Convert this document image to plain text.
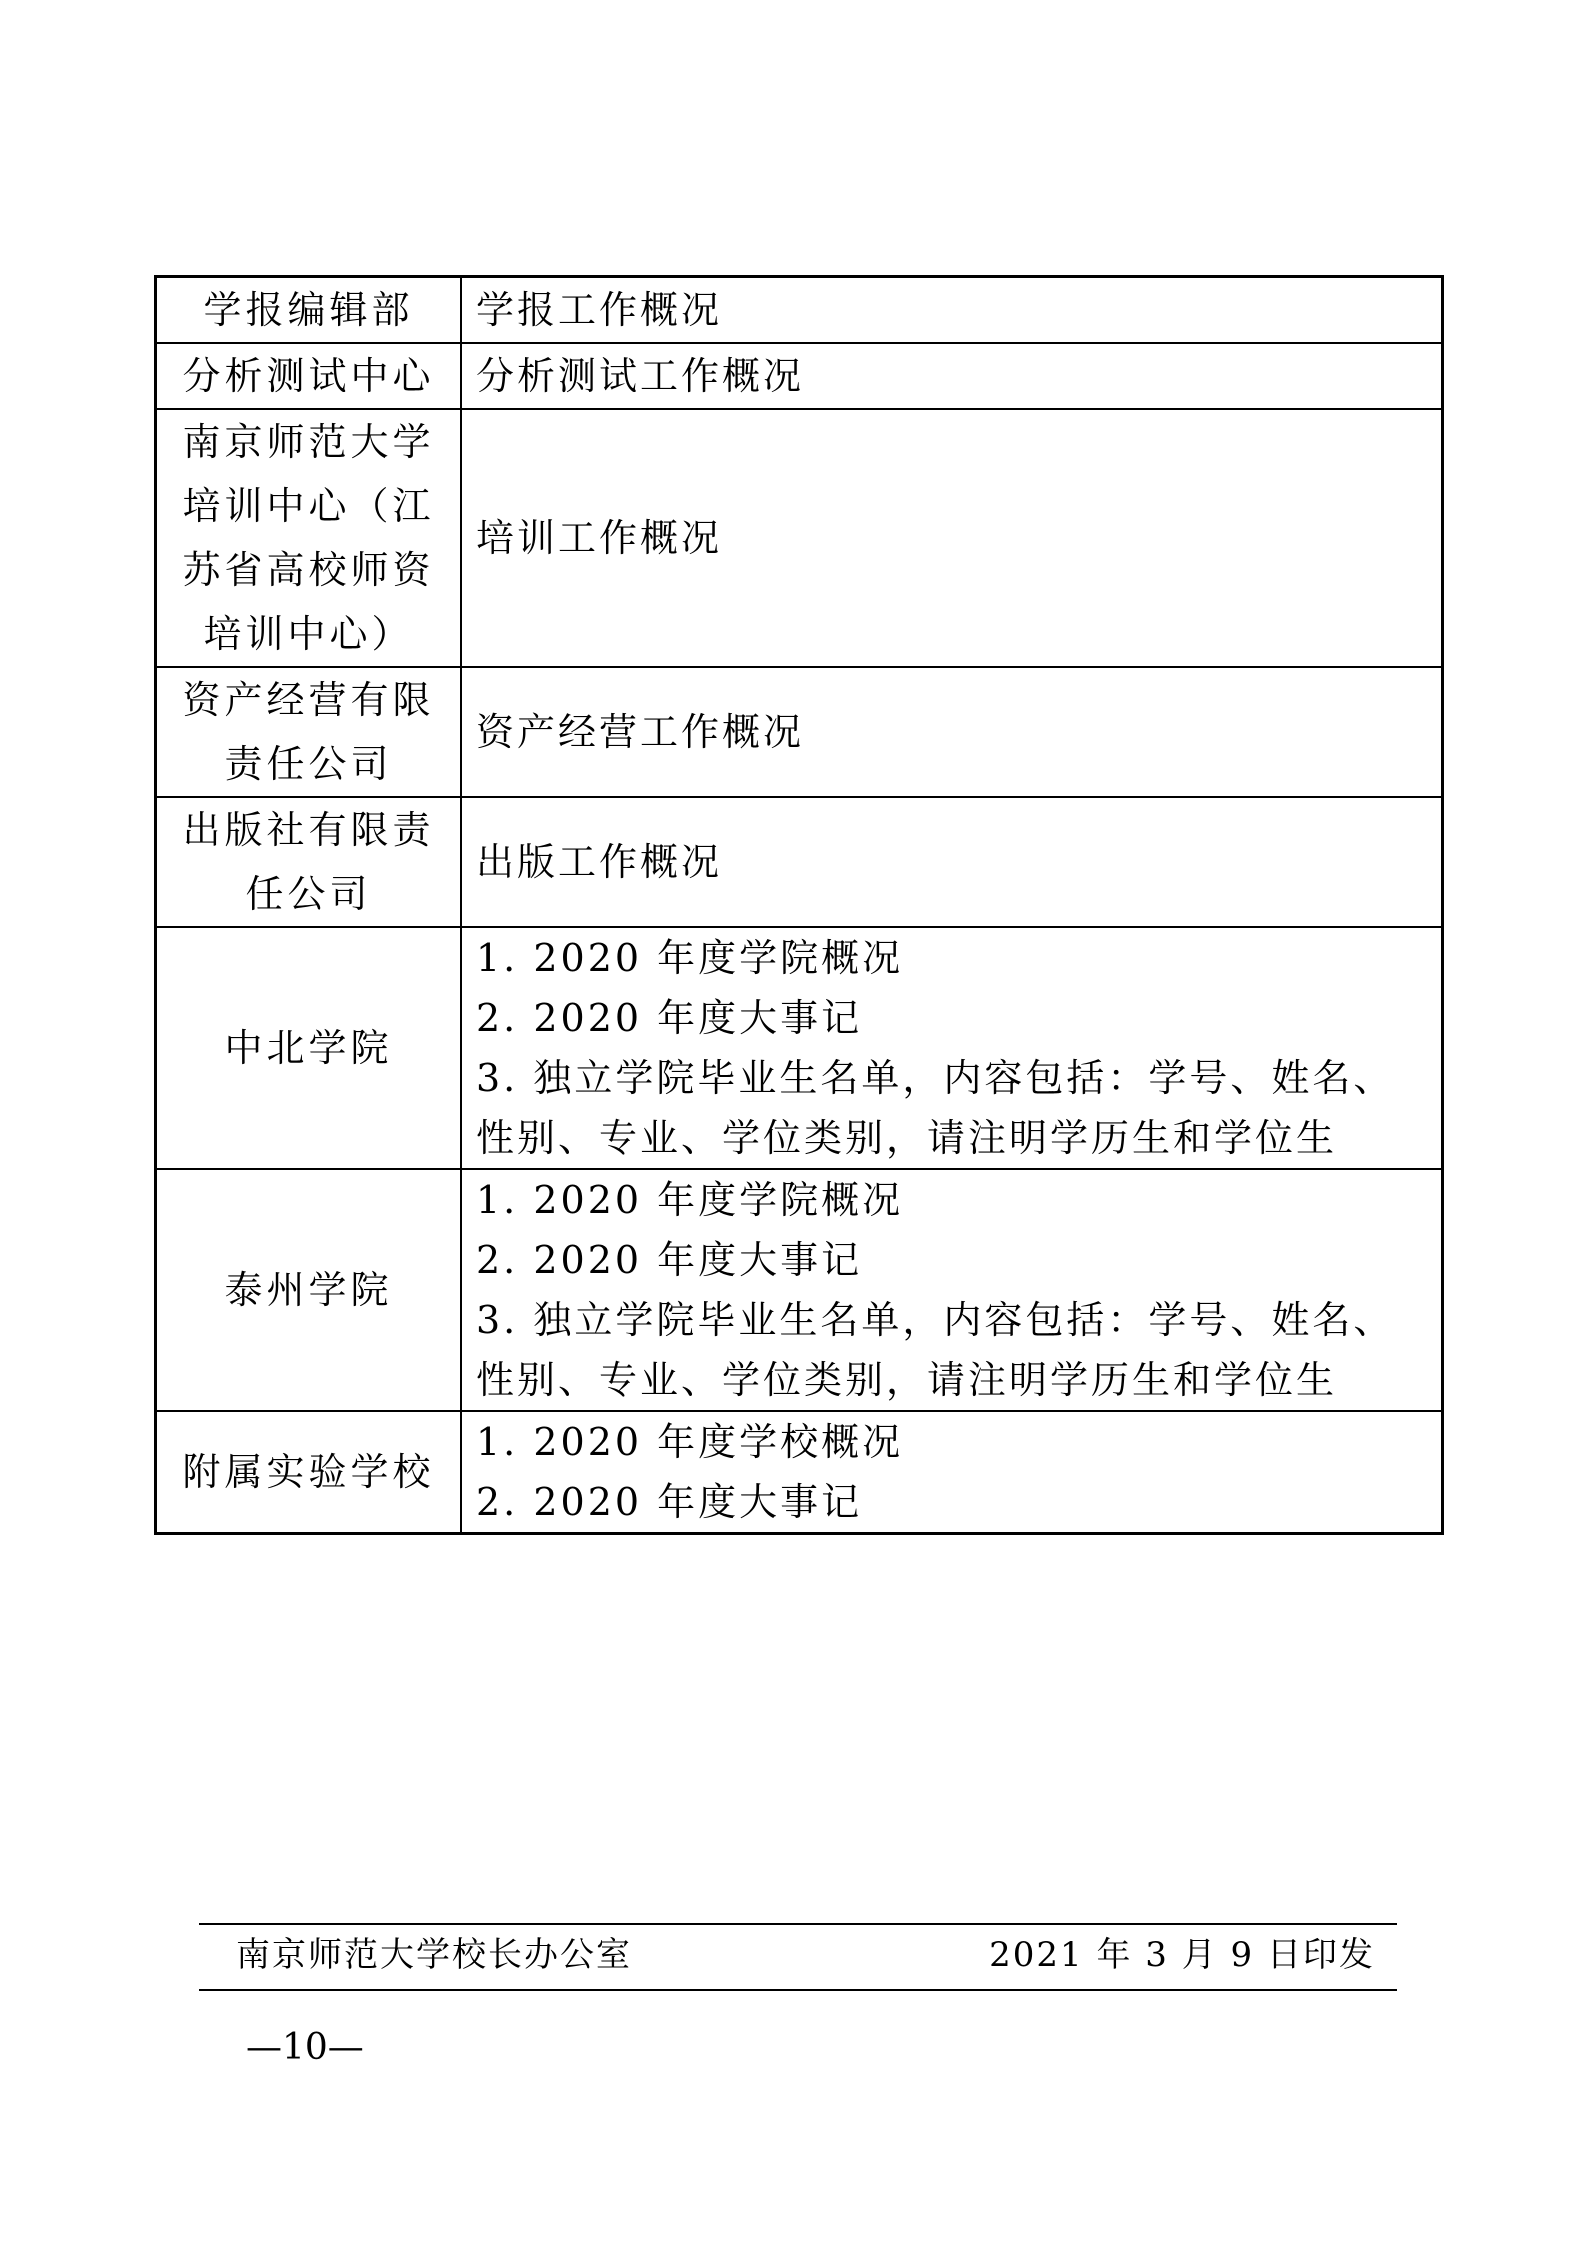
学报编辑部	学报工作概况

分析测试中心	分析测试工作概况

南京师范大学
培训中心（江
苏省高校师资
培训中心）	培训工作概况

资产经营有限
责任公司	资产经营工作概况

出版社有限责
任公司	出版工作概况

中北学院	1. 2020 年度学院概况
2. 2020 年度大事记
3. 独立学院毕业生名单，内容包括：学号、姓名、
性别、专业、学位类别，请注明学历生和学位生

泰州学院	1. 2020 年度学院概况
2. 2020 年度大事记
3. 独立学院毕业生名单，内容包括：学号、姓名、
性别、专业、学位类别，请注明学历生和学位生

附属实验学校	1. 2020 年度学校概况
2. 2020 年度大事记
南京师范大学校长办公室	2021 年 3 月 9 日印发
—10—
